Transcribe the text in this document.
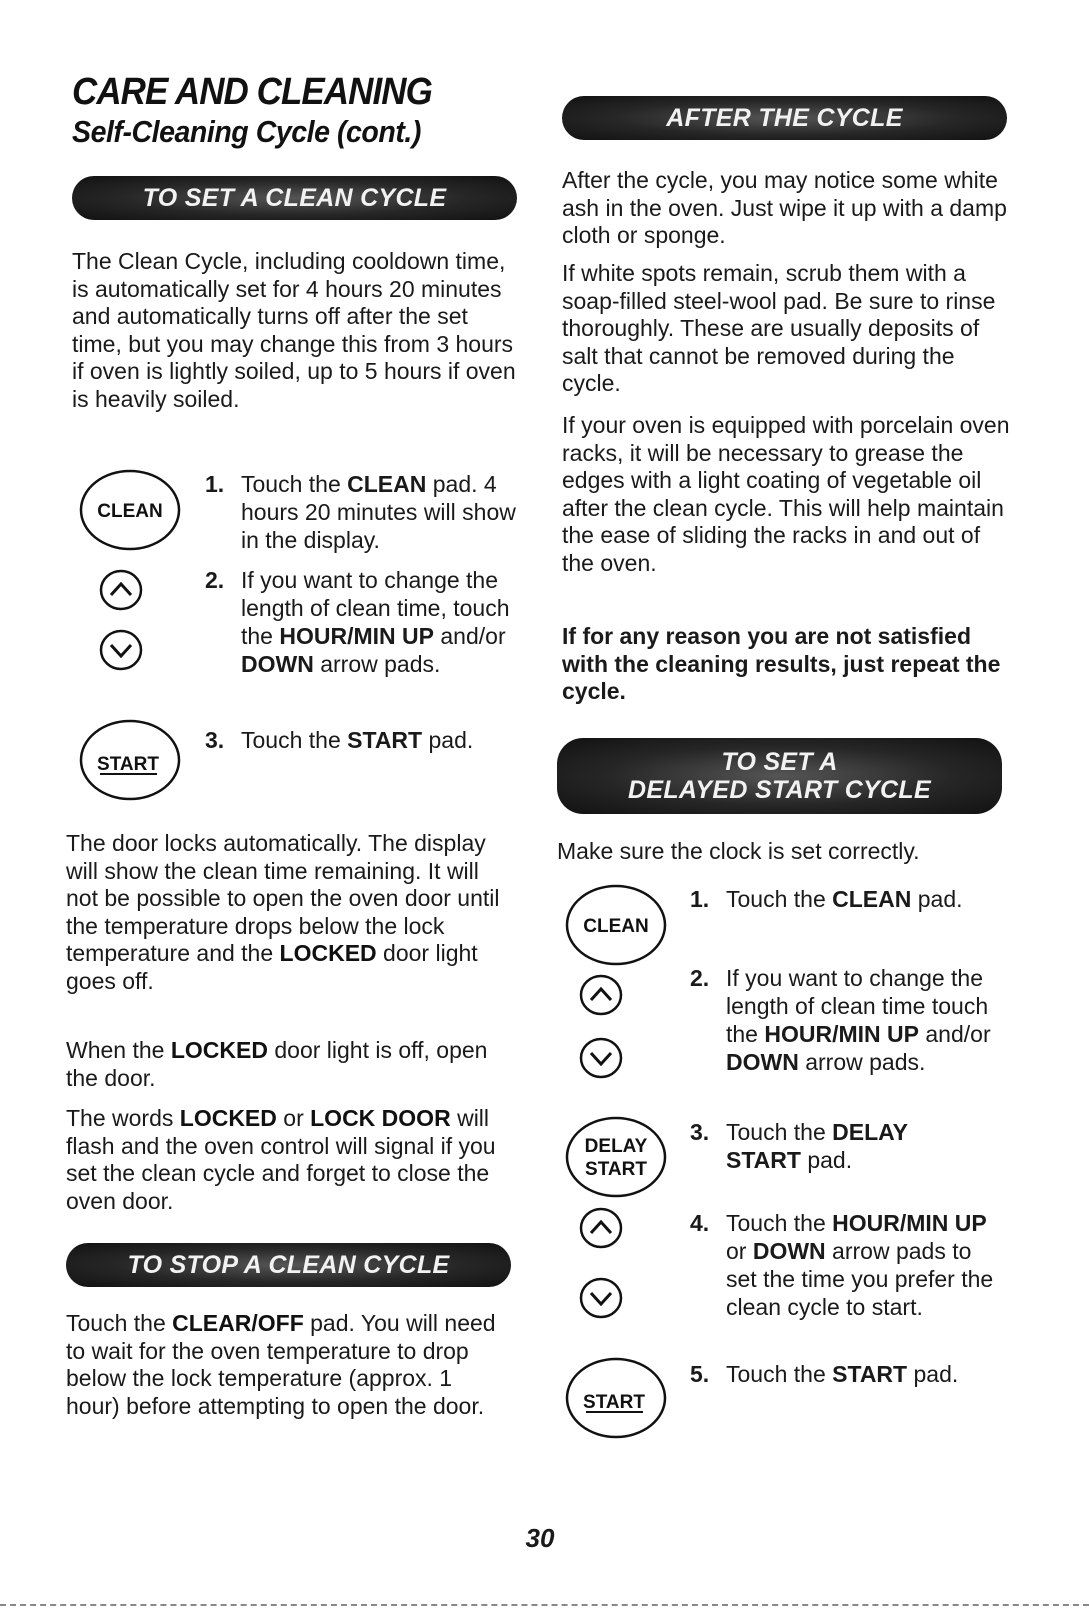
CARE AND CLEANING
Self-Cleaning Cycle (cont.)
TO SET A CLEAN CYCLE
The Clean Cycle, including cooldown time, is automatically set for 4 hours 20 minutes and automatically turns off after the set time, but you may change this from 3 hours if oven is lightly soiled, up to 5 hours if oven is heavily soiled.
CLEAN
START
1. Touch the CLEAN pad. 4 hours 20 minutes will show in the display.
2. If you want to change the length of clean time, touch the HOUR/MIN UP and/or DOWN arrow pads.
3. Touch the START pad.
The door locks automatically. The display will show the clean time remaining. It will not be possible to open the oven door until the temperature drops below the lock temperature and the LOCKED door light goes off.
When the LOCKED door light is off, open the door.
The words LOCKED or LOCK DOOR will flash and the oven control will signal if you set the clean cycle and forget to close the oven door.
TO STOP A CLEAN CYCLE
Touch the CLEAR/OFF pad. You will need to wait for the oven temperature to drop below the lock temperature (approx. 1 hour) before attempting to open the door.
AFTER THE CYCLE
After the cycle, you may notice some white ash in the oven. Just wipe it up with a damp cloth or sponge.
If white spots remain, scrub them with a soap-filled steel-wool pad. Be sure to rinse thoroughly. These are usually deposits of salt that cannot be removed during the cycle.
If your oven is equipped with porcelain oven racks, it will be necessary to grease the edges with a light coating of vegetable oil after the clean cycle. This will help maintain the ease of sliding the racks in and out of the oven.
If for any reason you are not satisfied with the cleaning results, just repeat the cycle.
TO SET A
DELAYED START CYCLE
Make sure the clock is set correctly.
CLEAN
DELAY
START
START
1. Touch the CLEAN pad.
2. If you want to change the length of clean time touch the HOUR/MIN UP and/or DOWN arrow pads.
3. Touch the DELAY START pad.
4. Touch the HOUR/MIN UP or DOWN arrow pads to set the time you prefer the clean cycle to start.
5. Touch the START pad.
30
